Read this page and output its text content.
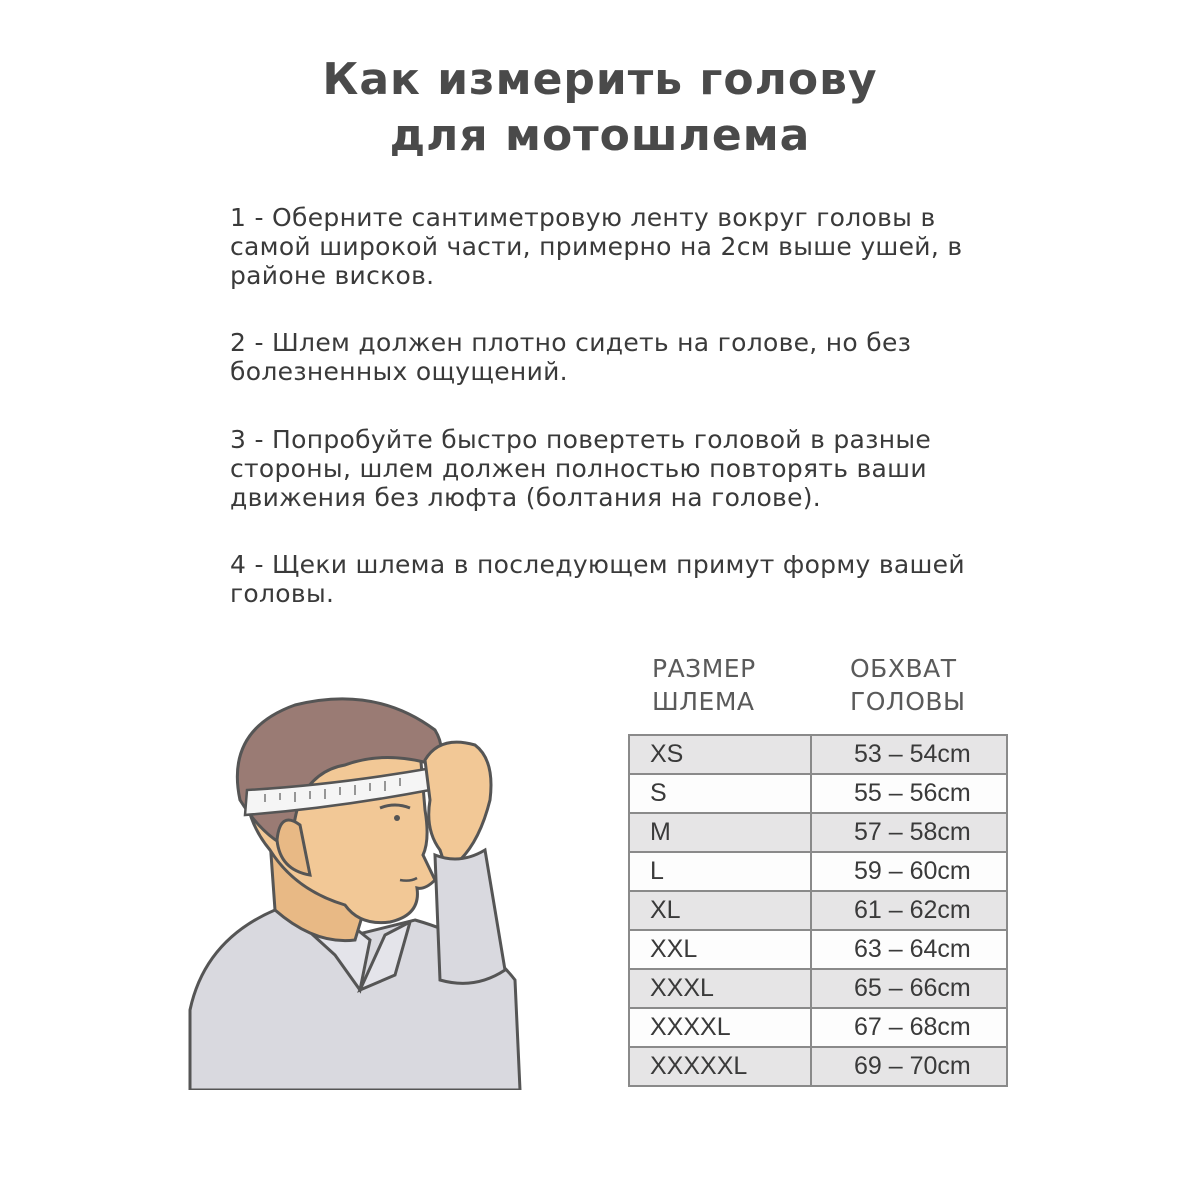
Как измерить голову
для мотошлема

1 - Оберните сантиметровую ленту вокруг головы в самой широкой части, примерно на 2см выше ушей, в районе висков.

2 - Шлем должен плотно сидеть на голове, но без болезненных ощущений.

3 - Попробуйте быстро повертеть головой в разные стороны, шлем должен полностью повторять ваши движения без люфта (болтания на голове).

4 - Щеки шлема в последующем примут форму вашей головы.

РАЗМЕР
ШЛЕМА
ОБХВАТ
ГОЛОВЫ
XS	53 – 54cm
S	55 – 56cm
M	57 – 58cm
L	59 – 60cm
XL	61 – 62cm
XXL	63 – 64cm
XXXL	65 – 66cm
XXXXL	67 – 68cm
XXXXXL	69 – 70cm
